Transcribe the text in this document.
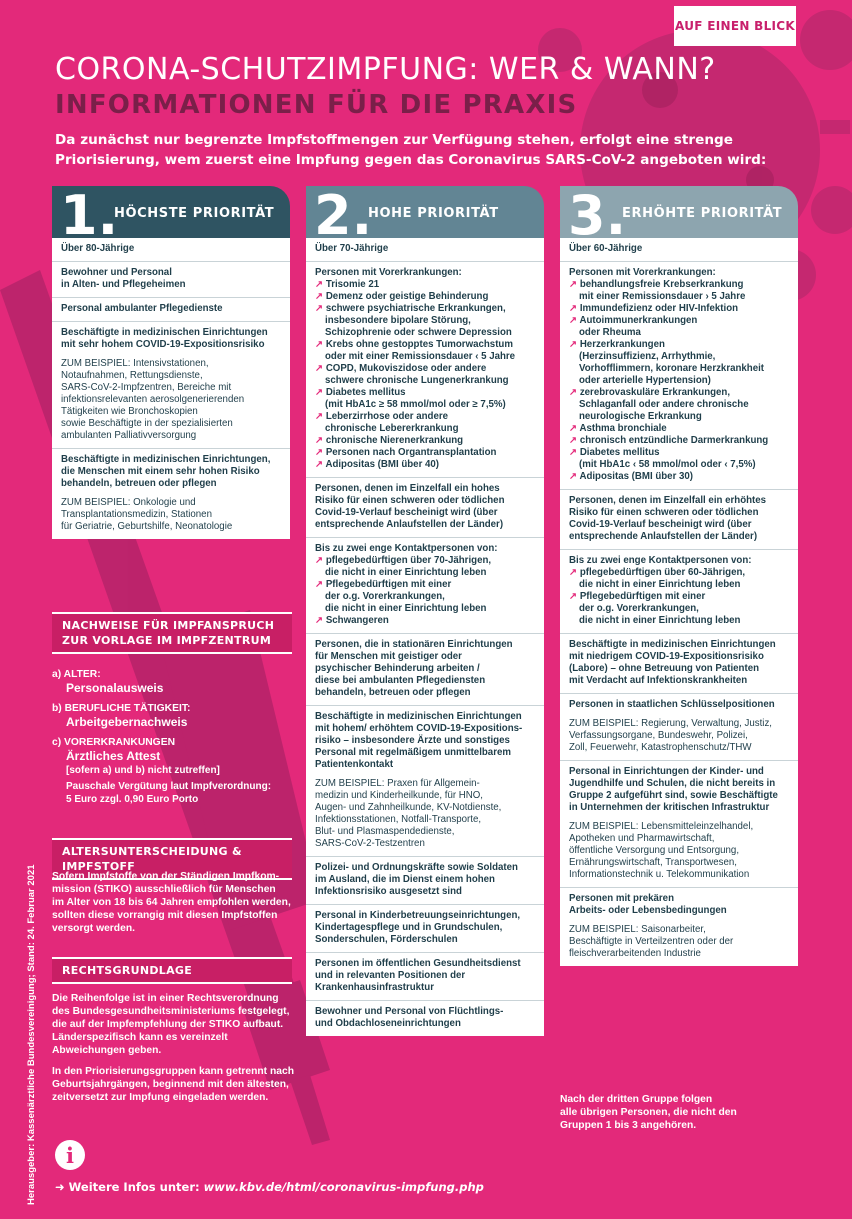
AUF EINEN BLICK
CORONA-SCHUTZIMPFUNG: WER & WANN?
INFORMATIONEN FÜR DIE PRAXIS
Da zunächst nur begrenzte Impfstoffmengen zur Verfügung stehen, erfolgt eine strenge Priorisierung, wem zuerst eine Impfung gegen das Coronavirus SARS-CoV-2 angeboten wird:
1.
HÖCHSTE PRIORITÄT
Über 80-Jährige
Bewohner und Personal
in Alten- und Pflegeheimen
Personal ambulanter Pflegedienste
Beschäftigte in medizinischen Einrichtungen
mit sehr hohem COVID-19-Expositionsrisiko
ZUM BEISPIEL: Intensivstationen,
Notaufnahmen, Rettungsdienste,
SARS-CoV-2-Impfzentren, Bereiche mit
infektionsrelevanten aerosolgenerierenden
Tätigkeiten wie Bronchoskopien
sowie Beschäftigte in der spezialisierten
ambulanten Palliativversorgung
Beschäftigte in medizinischen Einrichtungen,
die Menschen mit einem sehr hohen Risiko
behandeln, betreuen oder pflegen
ZUM BEISPIEL: Onkologie und
Transplantationsmedizin, Stationen
für Geriatrie, Geburtshilfe, Neonatologie
2.
HOHE PRIORITÄT
Über 70-Jährige
Personen mit Vorerkrankungen:
↗ Trisomie 21
↗ Demenz oder geistige Behinderung
↗ schwere psychiatrische Erkrankungen,
insbesondere bipolare Störung,
Schizophrenie oder schwere Depression
↗ Krebs ohne gestopptes Tumorwachstum
oder mit einer Remissionsdauer ‹ 5 Jahre
↗ COPD, Mukoviszidose oder andere
schwere chronische Lungenerkrankung
↗ Diabetes mellitus
(mit HbA1c ≥ 58 mmol/mol oder ≥ 7,5%)
↗ Leberzirrhose oder andere
chronische Lebererkrankung
↗ chronische Nierenerkrankung
↗ Personen nach Organtransplantation
↗ Adipositas (BMI über 40)
Personen, denen im Einzelfall ein hohes
Risiko für einen schweren oder tödlichen
Covid-19-Verlauf bescheinigt wird (über
entsprechende Anlaufstellen der Länder)
Bis zu zwei enge Kontaktpersonen von:
↗ pflegebedürftigen über 70-Jährigen,
die nicht in einer Einrichtung leben
↗ Pflegebedürftigen mit einer
der o.g. Vorerkrankungen,
die nicht in einer Einrichtung leben
↗ Schwangeren
Personen, die in stationären Einrichtungen
für Menschen mit geistiger oder
psychischer Behinderung arbeiten /
diese bei ambulanten Pflegediensten
behandeln, betreuen oder pflegen
Beschäftigte in medizinischen Einrichtungen
mit hohem/ erhöhtem COVID-19-Expositions-
risiko – insbesondere Ärzte und sonstiges
Personal mit regelmäßigem unmittelbarem
Patientenkontakt
ZUM BEISPIEL: Praxen für Allgemein-
medizin und Kinderheilkunde, für HNO,
Augen- und Zahnheilkunde, KV-Notdienste,
Infektionsstationen, Notfall-Transporte,
Blut- und Plasmaspendedienste,
SARS-CoV-2-Testzentren
Polizei- und Ordnungskräfte sowie Soldaten
im Ausland, die im Dienst einem hohen
Infektionsrisiko ausgesetzt sind
Personal in Kinderbetreuungseinrichtungen,
Kindertagespflege und in Grundschulen,
Sonderschulen, Förderschulen
Personen im öffentlichen Gesundheitsdienst
und in relevanten Positionen der
Krankenhausinfrastruktur
Bewohner und Personal von Flüchtlings-
und Obdachloseneinrichtungen
3.
ERHÖHTE PRIORITÄT
Über 60-Jährige
Personen mit Vorerkrankungen:
↗ behandlungsfreie Krebserkrankung
mit einer Remissionsdauer › 5 Jahre
↗ Immundefizienz oder HIV-Infektion
↗ Autoimmunerkrankungen
oder Rheuma
↗ Herzerkrankungen
(Herzinsuffizienz, Arrhythmie,
Vorhofflimmern, koronare Herzkrankheit
oder arterielle Hypertension)
↗ zerebrovaskuläre Erkrankungen,
Schlaganfall oder andere chronische
neurologische Erkrankung
↗ Asthma bronchiale
↗ chronisch entzündliche Darmerkrankung
↗ Diabetes mellitus
(mit HbA1c ‹ 58 mmol/mol oder ‹ 7,5%)
↗ Adipositas (BMI über 30)
Personen, denen im Einzelfall ein erhöhtes
Risiko für einen schweren oder tödlichen
Covid-19-Verlauf bescheinigt wird (über
entsprechende Anlaufstellen der Länder)
Bis zu zwei enge Kontaktpersonen von:
↗ pflegebedürftigen über 60-Jährigen,
die nicht in einer Einrichtung leben
↗ Pflegebedürftigen mit einer
der o.g. Vorerkrankungen,
die nicht in einer Einrichtung leben
Beschäftigte in medizinischen Einrichtungen
mit niedrigem COVID-19-Expositionsrisiko
(Labore) – ohne Betreuung von Patienten
mit Verdacht auf Infektionskrankheiten
Personen in staatlichen Schlüsselpositionen
ZUM BEISPIEL: Regierung, Verwaltung, Justiz,
Verfassungsorgane, Bundeswehr, Polizei,
Zoll, Feuerwehr, Katastrophenschutz/THW
Personal in Einrichtungen der Kinder- und
Jugendhilfe und Schulen, die nicht bereits in
Gruppe 2 aufgeführt sind, sowie Beschäftigte
in Unternehmen der kritischen Infrastruktur
ZUM BEISPIEL: Lebensmitteleinzelhandel,
Apotheken und Pharmawirtschaft,
öffentliche Versorgung und Entsorgung,
Ernährungswirtschaft, Transportwesen,
Informationstechnik u. Telekommunikation
Personen mit prekären
Arbeits- oder Lebensbedingungen
ZUM BEISPIEL: Saisonarbeiter,
Beschäftigte in Verteilzentren oder der
fleischverarbeitenden Industrie
Nach der dritten Gruppe folgen
alle übrigen Personen, die nicht den
Gruppen 1 bis 3 angehören.
NACHWEISE FÜR IMPFANSPRUCH
ZUR VORLAGE IM IMPFZENTRUM
a) ALTER:
Personalausweis
b) BERUFLICHE TÄTIGKEIT:
Arbeitgebernachweis
c) VORERKRANKUNGEN
Ärztliches Attest
[sofern a) und b) nicht zutreffen]
Pauschale Vergütung laut Impfverordnung:
5 Euro zzgl. 0,90 Euro Porto
ALTERSUNTERSCHEIDUNG & IMPFSTOFF
Sofern Impfstoffe von der Ständigen Impfkom-
mission (STIKO) ausschließlich für Menschen
im Alter von 18 bis 64 Jahren empfohlen werden,
sollten diese vorrangig mit diesen Impfstoffen
versorgt werden.
RECHTSGRUNDLAGE
Die Reihenfolge ist in einer Rechtsverordnung
des Bundesgesundheitsministeriums festgelegt,
die auf der Impfempfehlung der STIKO aufbaut.
Länderspezifisch kann es vereinzelt
Abweichungen geben.
In den Priorisierungsgruppen kann getrennt nach
Geburtsjahrgängen, beginnend mit den ältesten,
zeitversetzt zur Impfung eingeladen werden.
Herausgeber: Kassenärztliche Bundesvereinigung; Stand: 24. Februar 2021	i
➜ Weitere Infos unter: www.kbv.de/html/coronavirus-impfung.php
